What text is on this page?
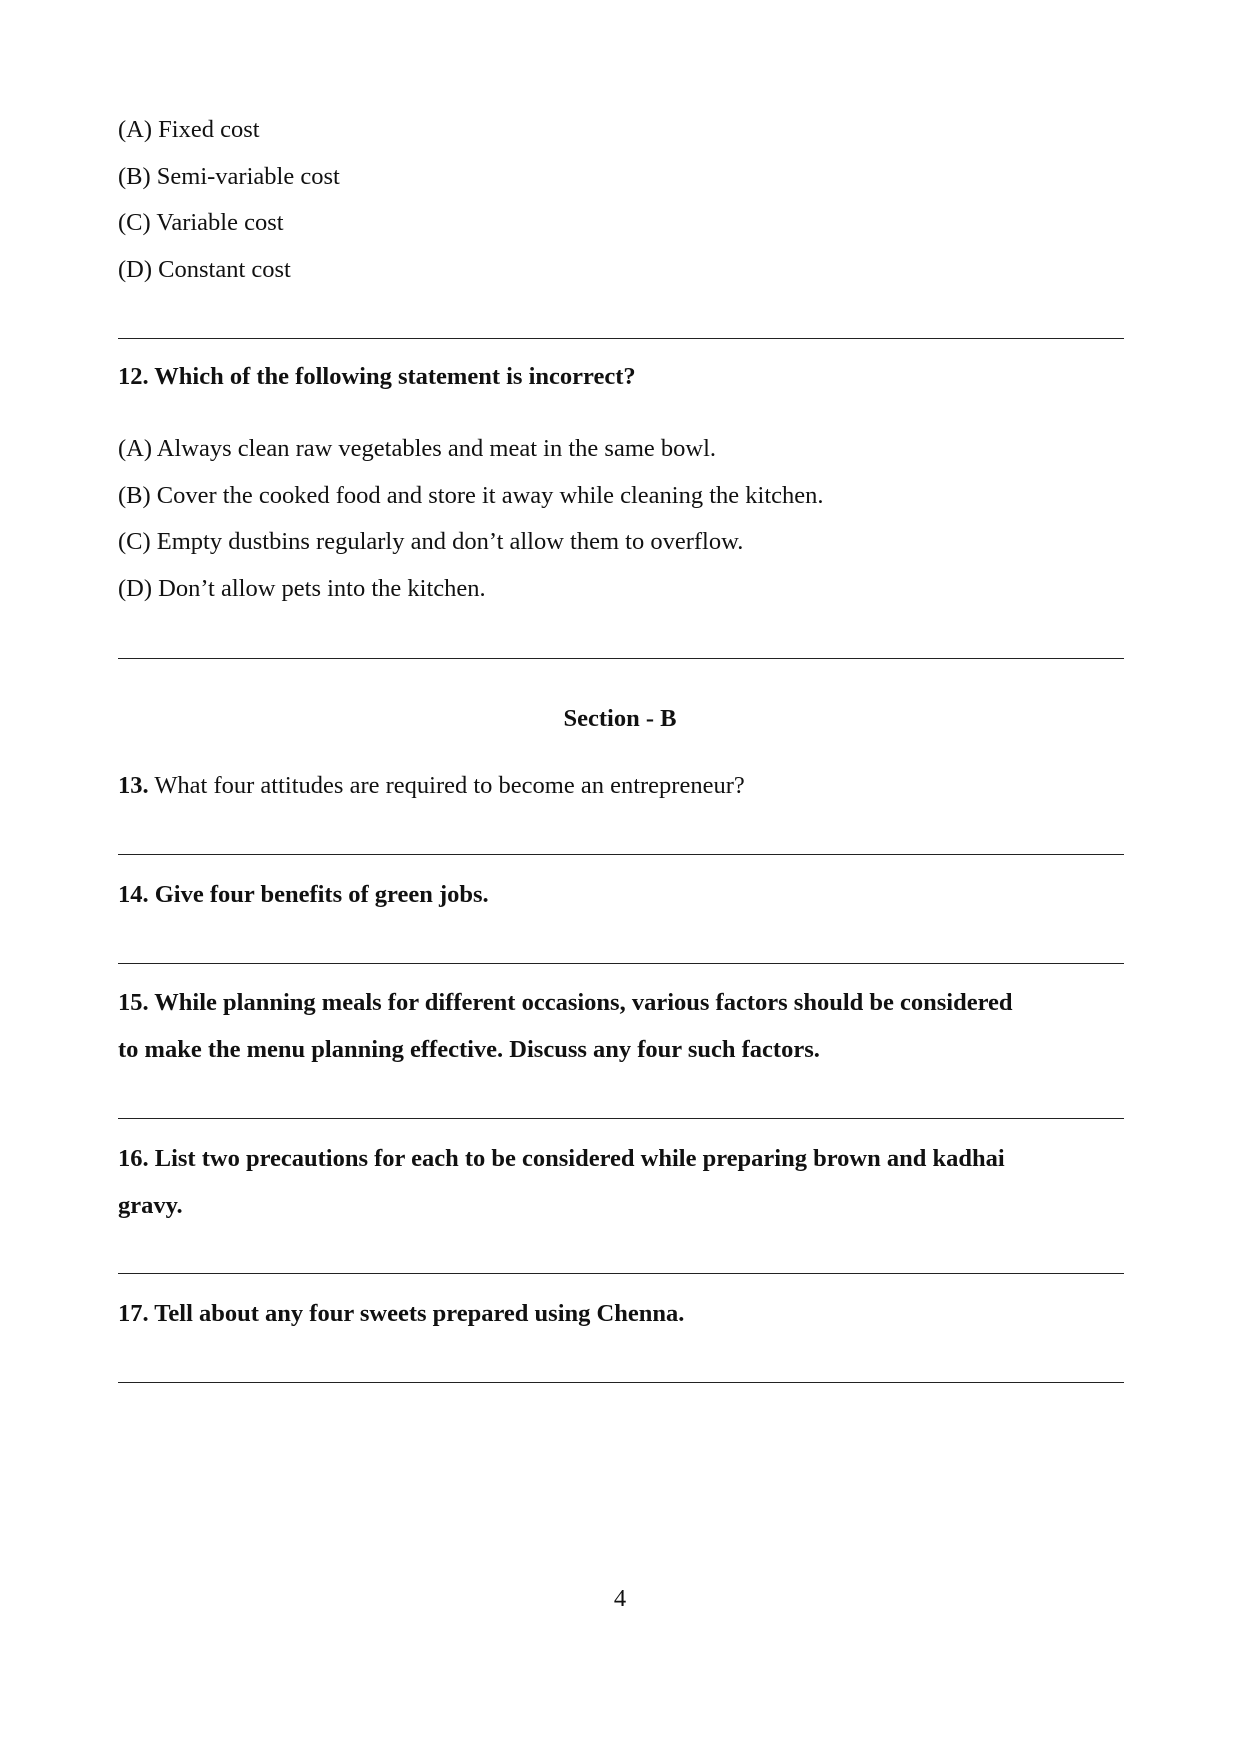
(A) Fixed cost
(B) Semi-variable cost
(C) Variable cost
(D) Constant cost
12. Which of the following statement is incorrect?
(A) Always clean raw vegetables and meat in the same bowl.
(B) Cover the cooked food and store it away while cleaning the kitchen.
(C) Empty dustbins regularly and don’t allow them to overflow.
(D) Don’t allow pets into the kitchen.
Section - B
13. What four attitudes are required to become an entrepreneur?
14. Give four benefits of green jobs.
15. While planning meals for different occasions, various factors should be considered
to make the menu planning effective. Discuss any four such factors.
16. List two precautions for each to be considered while preparing brown and kadhai
gravy.
17. Tell about any four sweets prepared using Chenna.
4
